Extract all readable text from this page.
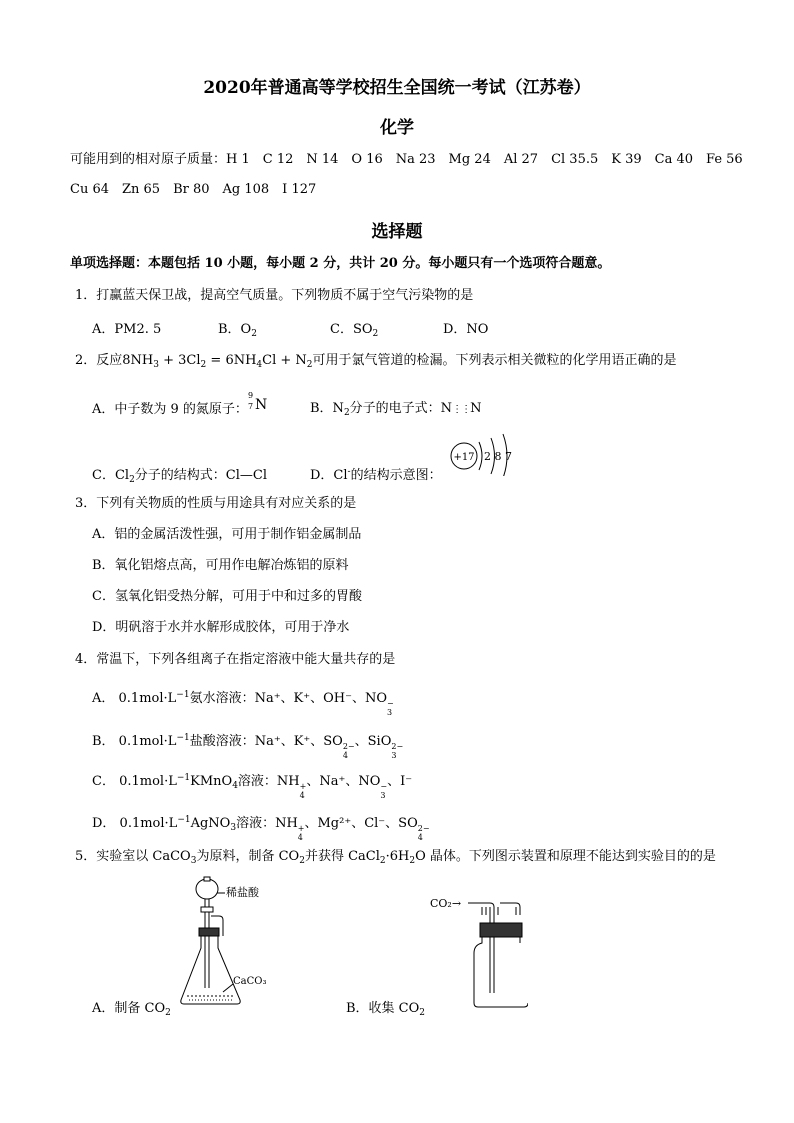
2020年普通高等学校招生全国统一考试（江苏卷）
化学
可能用到的相对原子质量：H 1　C 12　N 14　O 16　Na 23　Mg 24　Al 27　Cl 35.5　K 39　Ca 40　Fe 56
Cu 64　Zn 65　Br 80　Ag 108　I 127
选择题
单项选择题：本题包括 10 小题，每小题 2 分，共计 20 分。每小题只有一个选项符合题意。
1．打赢蓝天保卫战，提高空气质量。下列物质不属于空气污染物的是
A．PM2. 5	B．$O_2$	C．$SO_2$	D．NO
2．反应$8NH_3 + 3Cl_2 = 6NH_4Cl + N_2$可用于氯气管道的检漏。下列表示相关微粒的化学用语正确的是
A．中子数为 9 的氮原子：
9
7 N	B．$N_2$分子的电子式：N⋮⋮N
C．$Cl_2$分子的结构式：Cl—Cl	D．Cl-的结构示意图：
+17 2 8 7
3．下列有关物质的性质与用途具有对应关系的是
A．铝的金属活泼性强，可用于制作铝金属制品
B．氧化铝熔点高，可用作电解冶炼铝的原料
C．氢氧化铝受热分解，可用于中和过多的胃酸
D．明矾溶于水并水解形成胶体，可用于净水
4．常温下，下列各组离子在指定溶液中能大量共存的是
A． $0.1mol\cdot L^{-1}$氨水溶液：Na⁺、K⁺、OH⁻、NO −
3
B． $0.1mol\cdot L^{-1}$盐酸溶液：Na⁺、K⁺、SO 2−
4
、SiO 2−
3
C． $0.1mol\cdot L^{-1}KMnO_4$溶液：NH +
4
、Na⁺、NO −
3
、I⁻
D． $0.1mol\cdot L^{-1}AgNO_3$溶液：NH +
4
、Mg²⁺、Cl⁻、SO 2−
4
5．实验室以 CaCO$_3$为原料，制备 $CO_2$并获得 $CaCl_2\cdot 6H_2O$ 晶体。下列图示装置和原理不能达到实验目的的是
稀盐酸
CaCO₃
A．制备 $CO_2$
CO₂→
B．收集 $CO_2$
